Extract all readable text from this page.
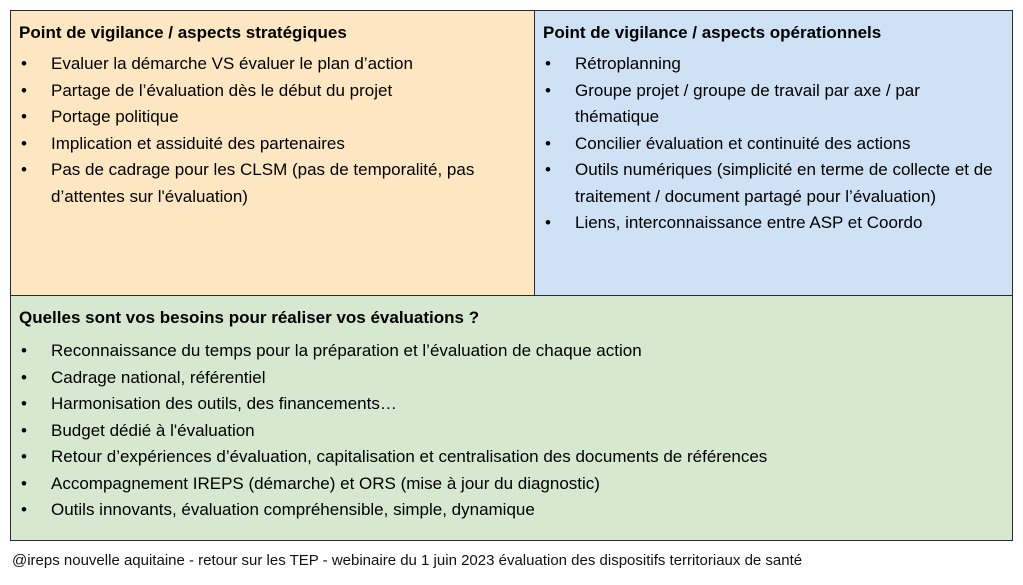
Point de vigilance / aspects stratégiques
• Evaluer la démarche VS évaluer le plan d’action
• Partage de l’évaluation dès le début du projet
• Portage politique
• Implication et assiduité des partenaires
• Pas de cadrage pour les CLSM (pas de temporalité, pas d’attentes sur l'évaluation)
Point de vigilance / aspects opérationnels
• Rétroplanning
• Groupe projet / groupe de travail par axe / par thématique
• Concilier évaluation et continuité des actions
• Outils numériques (simplicité en terme de collecte et de traitement / document partagé pour l’évaluation)
• Liens, interconnaissance entre ASP et Coordo
Quelles sont vos besoins pour réaliser vos évaluations ?
• Reconnaissance du temps pour la préparation et l’évaluation de chaque action
• Cadrage national, référentiel
• Harmonisation des outils, des financements…
• Budget dédié à l'évaluation
• Retour d’expériences d’évaluation, capitalisation et centralisation des documents de références
• Accompagnement IREPS (démarche) et ORS (mise à jour du diagnostic)
• Outils innovants, évaluation compréhensible, simple, dynamique
@ireps nouvelle aquitaine - retour sur les TEP - webinaire du 1 juin 2023 évaluation des dispositifs territoriaux de santé
